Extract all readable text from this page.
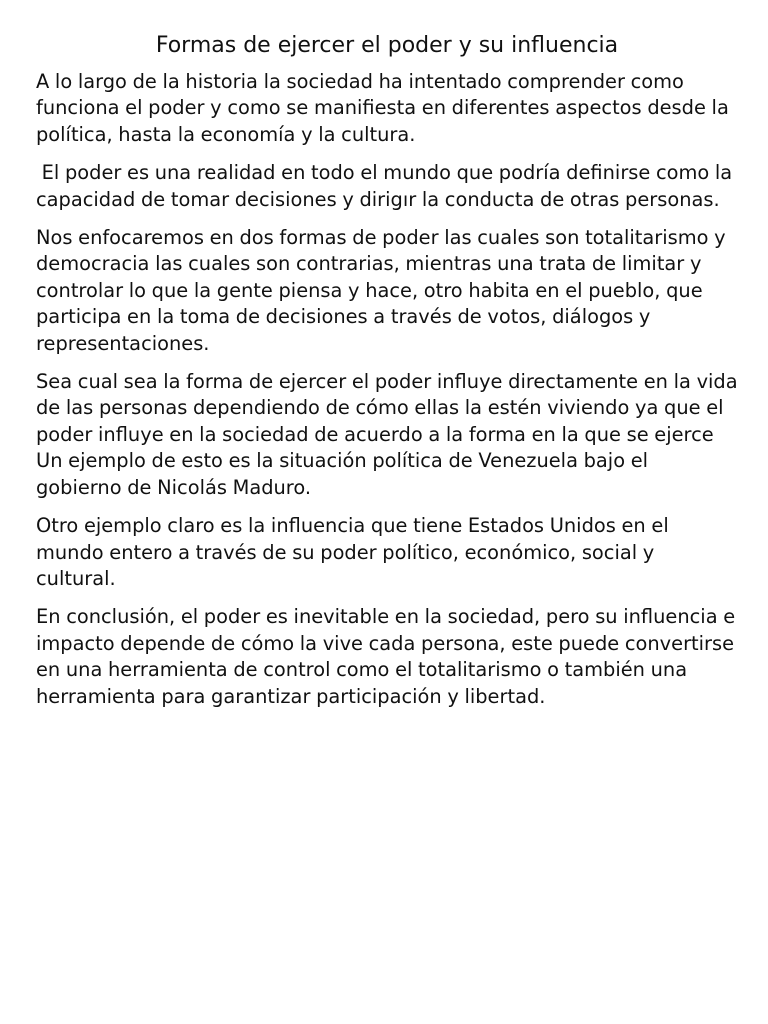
Formas de ejercer el poder y su influencia

A lo largo de la historia la sociedad ha intentado comprender como funciona el poder y como se manifiesta en diferentes aspectos desde la política, hasta la economía y la cultura.

El poder es una realidad en todo el mundo que podría definirse como la capacidad de tomar decisiones y dirigır la conducta de otras personas.

Nos enfocaremos en dos formas de poder las cuales son totalitarismo y democracia las cuales son contrarias, mientras una trata de limitar y controlar lo que la gente piensa y hace, otro habita en el pueblo, que participa en la toma de decisiones a través de votos, diálogos y representaciones.

Sea cual sea la forma de ejercer el poder influye directamente en la vida de las personas dependiendo de cómo ellas la estén viviendo ya que el poder influye en la sociedad de acuerdo a la forma en la que se ejerce Un ejemplo de esto es la situación política de Venezuela bajo el gobierno de Nicolás Maduro.

Otro ejemplo claro es la influencia que tiene Estados Unidos en el mundo entero a través de su poder político, económico, social y cultural.

En conclusión, el poder es inevitable en la sociedad, pero su influencia e impacto depende de cómo la vive cada persona, este puede convertirse en una herramienta de control como el totalitarismo o también una herramienta para garantizar participación y libertad.
